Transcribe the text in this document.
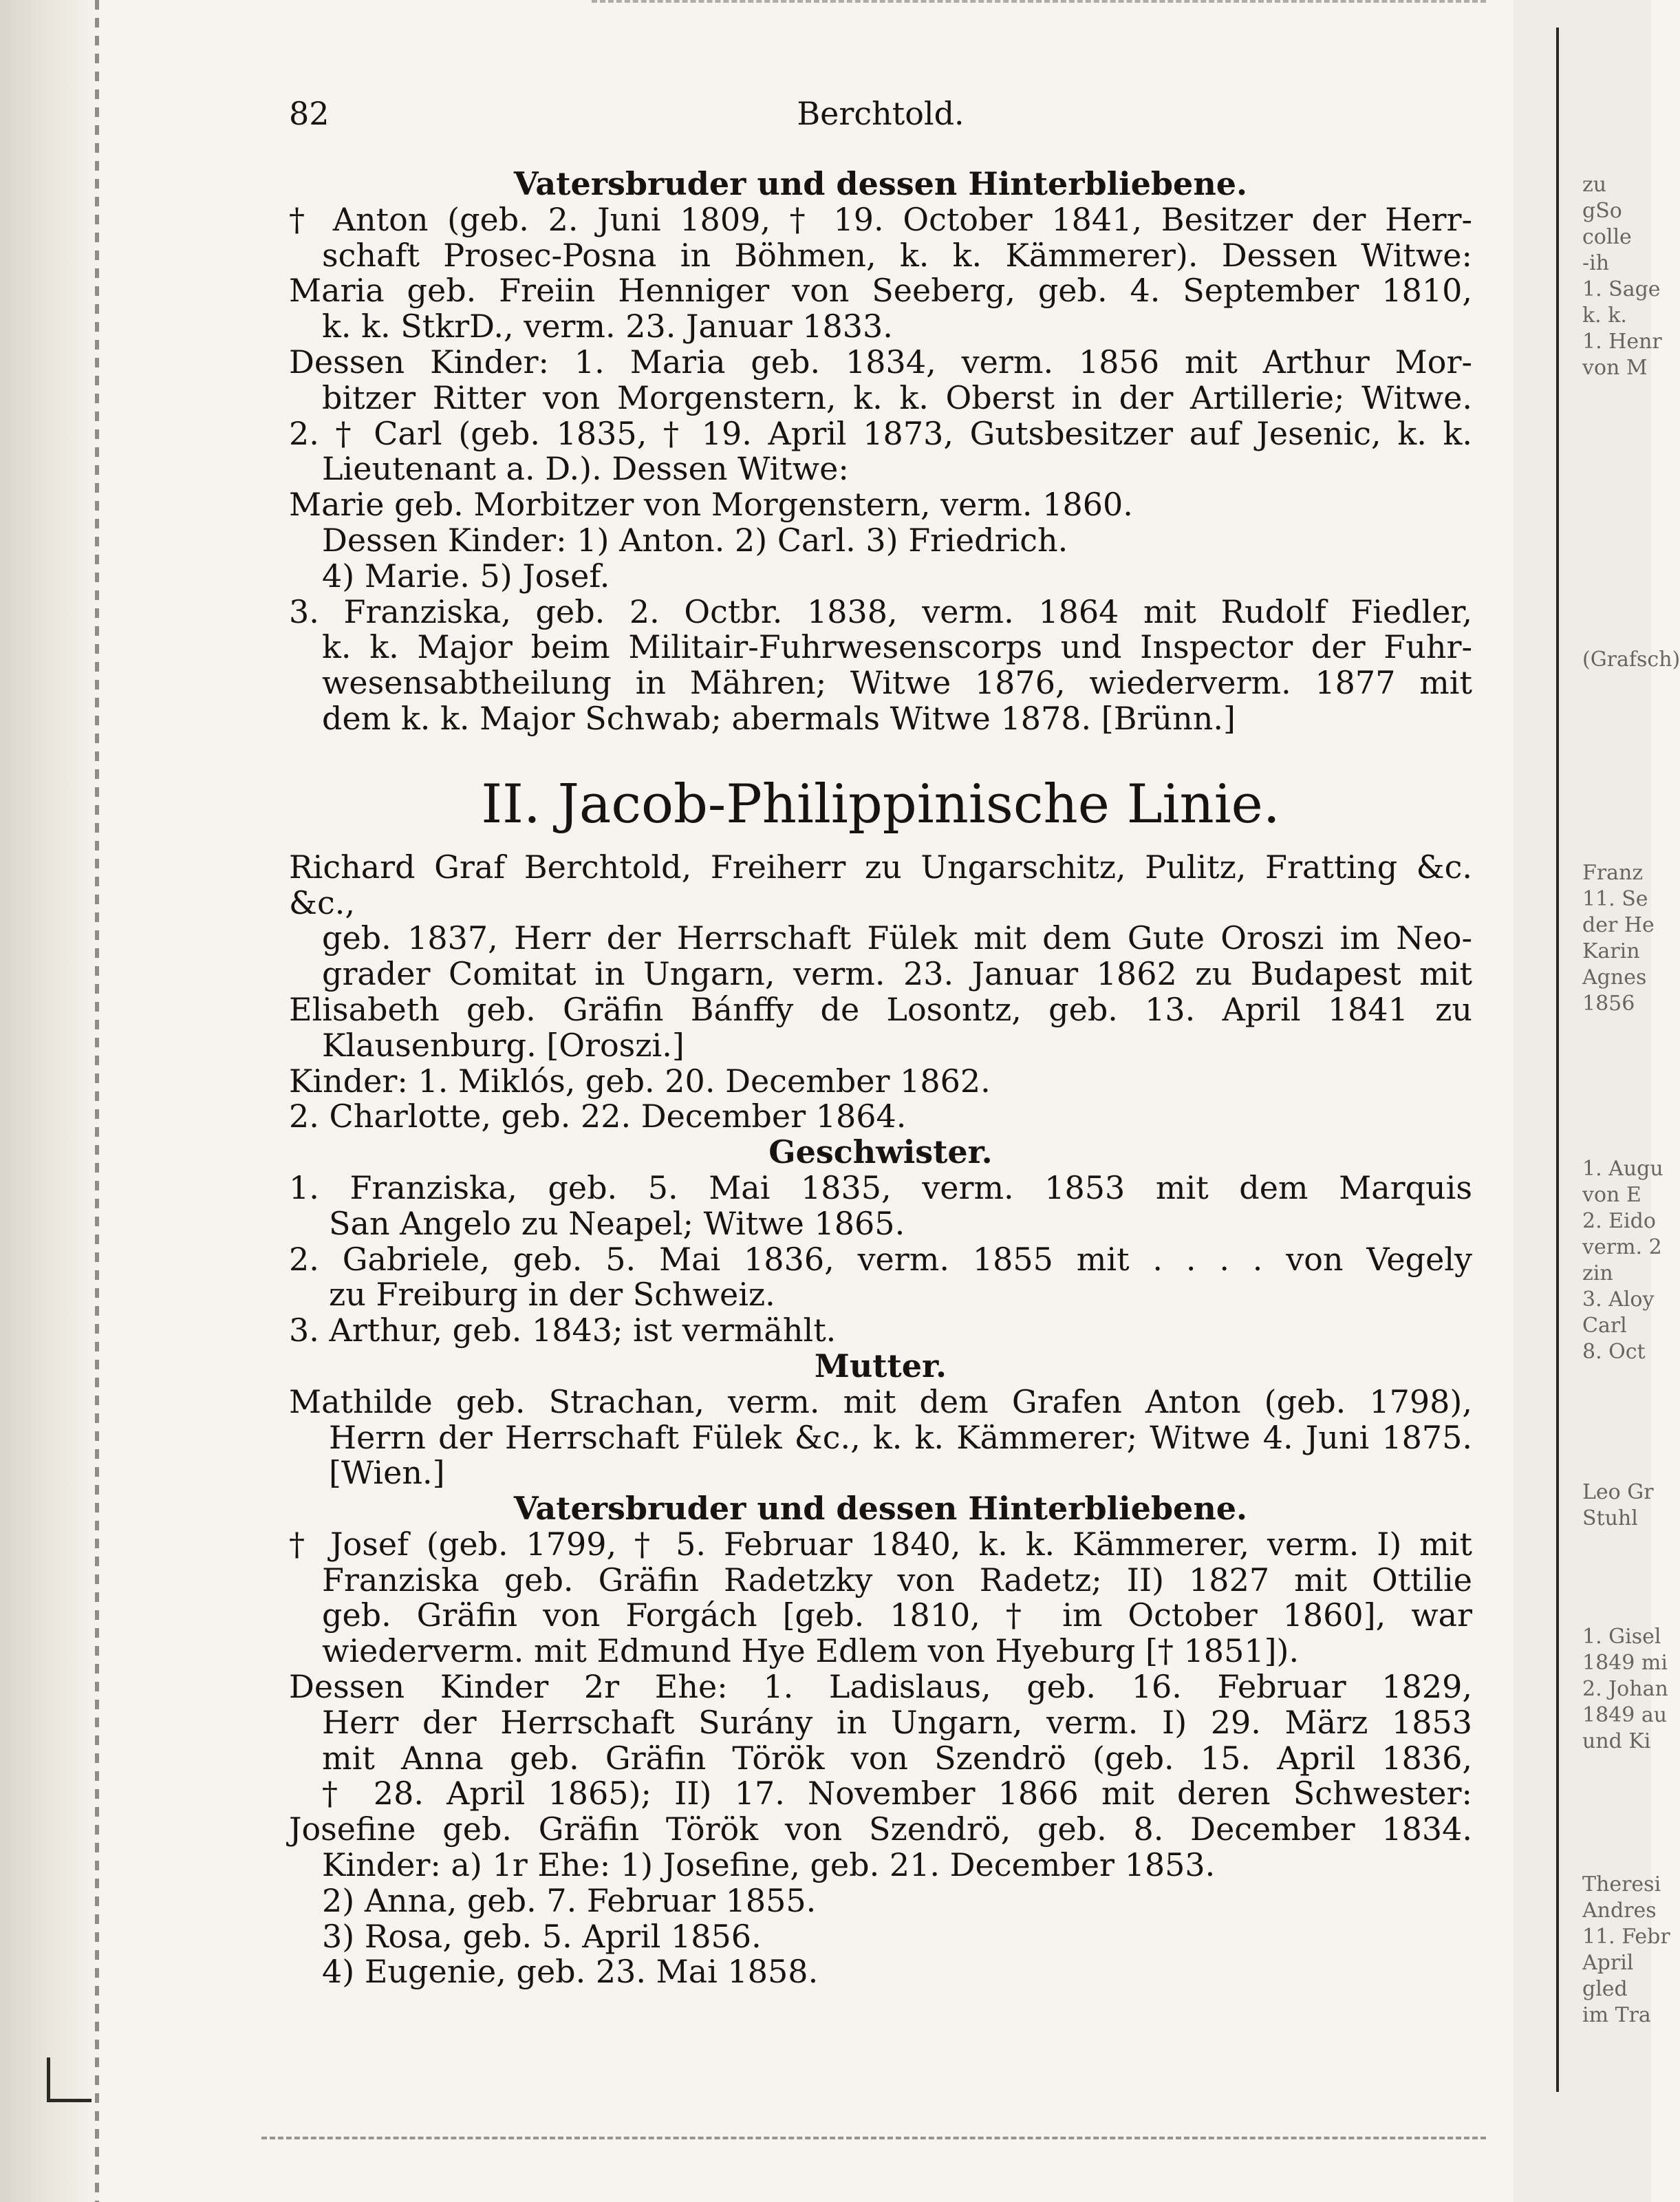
zu
gSo
colle
-ih
1. Sage
k. k.
1. Henr
von M
(Grafsch)
Franz
11. Se
der He
Karin
Agnes
1856
1. Augu
von E
2. Eido
verm. 2
zin
3. Aloy
Carl
8. Oct
Leo Gr
Stuhl
1. Gisel
1849 mi
2. Johan
1849 au
und Ki
Theresi
Andres
11. Febr
April
gled
im Tra
82	Berchtold.
Vatersbruder und dessen Hinterbliebene.
† Anton (geb. 2. Juni 1809, † 19. October 1841, Besitzer der Herr-
schaft Prosec-Posna in Böhmen, k. k. Kämmerer). Dessen Witwe:
Maria geb. Freiin Henniger von Seeberg, geb. 4. September 1810,
k. k. StkrD., verm. 23. Januar 1833.
Dessen Kinder: 1. Maria geb. 1834, verm. 1856 mit Arthur Mor-
bitzer Ritter von Morgenstern, k. k. Oberst in der Artillerie; Witwe.
2. † Carl (geb. 1835, † 19. April 1873, Gutsbesitzer auf Jesenic, k. k.
Lieutenant a. D.). Dessen Witwe:
Marie geb. Morbitzer von Morgenstern, verm. 1860.
Dessen Kinder: 1) Anton. 2) Carl. 3) Friedrich.
4) Marie. 5) Josef.
3. Franziska, geb. 2. Octbr. 1838, verm. 1864 mit Rudolf Fiedler,
k. k. Major beim Militair-Fuhrwesenscorps und Inspector der Fuhr-
wesensabtheilung in Mähren; Witwe 1876, wiederverm. 1877 mit
dem k. k. Major Schwab; abermals Witwe 1878. [Brünn.]
II. Jacob-Philippinische Linie.
Richard Graf Berchtold, Freiherr zu Ungarschitz, Pulitz, Fratting &c. &c.,
geb. 1837, Herr der Herrschaft Fülek mit dem Gute Oroszi im Neo-
grader Comitat in Ungarn, verm. 23. Januar 1862 zu Budapest mit
Elisabeth geb. Gräfin Bánffy de Losontz, geb. 13. April 1841 zu
Klausenburg. [Oroszi.]
Kinder: 1. Miklós, geb. 20. December 1862.
2. Charlotte, geb. 22. December 1864.
Geschwister.
1. Franziska, geb. 5. Mai 1835, verm. 1853 mit dem Marquis
San Angelo zu Neapel; Witwe 1865.
2. Gabriele, geb. 5. Mai 1836, verm. 1855 mit . . . . von Vegely
zu Freiburg in der Schweiz.
3. Arthur, geb. 1843; ist vermählt.
Mutter.
Mathilde geb. Strachan, verm. mit dem Grafen Anton (geb. 1798),
Herrn der Herrschaft Fülek &c., k. k. Kämmerer; Witwe 4. Juni 1875.
[Wien.]
Vatersbruder und dessen Hinterbliebene.
† Josef (geb. 1799, † 5. Februar 1840, k. k. Kämmerer, verm. I) mit
Franziska geb. Gräfin Radetzky von Radetz; II) 1827 mit Ottilie
geb. Gräfin von Forgách [geb. 1810, † im October 1860], war
wiederverm. mit Edmund Hye Edlem von Hyeburg [† 1851]).
Dessen Kinder 2r Ehe: 1. Ladislaus, geb. 16. Februar 1829,
Herr der Herrschaft Surány in Ungarn, verm. I) 29. März 1853
mit Anna geb. Gräfin Török von Szendrö (geb. 15. April 1836,
† 28. April 1865); II) 17. November 1866 mit deren Schwester:
Josefine geb. Gräfin Török von Szendrö, geb. 8. December 1834.
Kinder: a) 1r Ehe: 1) Josefine, geb. 21. December 1853.
2) Anna, geb. 7. Februar 1855.
3) Rosa, geb. 5. April 1856.
4) Eugenie, geb. 23. Mai 1858.
